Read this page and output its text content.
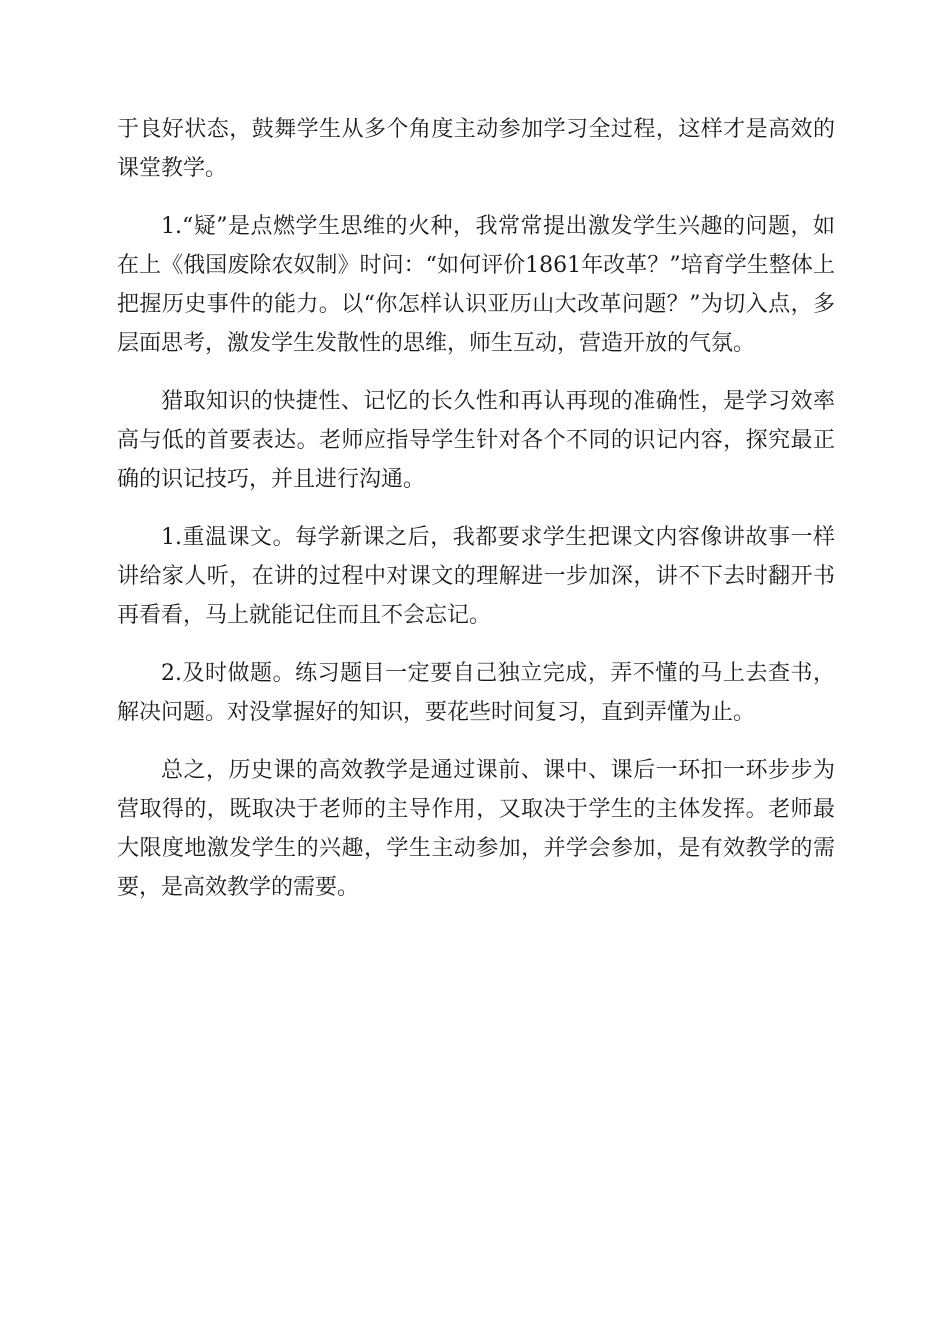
于良好状态，鼓舞学生从多个角度主动参加学习全过程，这样才是高效的课堂教学。

1.“疑”是点燃学生思维的火种，我常常提出激发学生兴趣的问题，如在上《俄国废除农奴制》时问：“如何评价1861年改革？”培育学生整体上把握历史事件的能力。以“你怎样认识亚历山大改革问题？”为切入点，多层面思考，激发学生发散性的思维，师生互动，营造开放的气氛。

猎取知识的快捷性、记忆的长久性和再认再现的准确性，是学习效率高与低的首要表达。老师应指导学生针对各个不同的识记内容，探究最正确的识记技巧，并且进行沟通。

1.重温课文。每学新课之后，我都要求学生把课文内容像讲故事一样讲给家人听，在讲的过程中对课文的理解进一步加深，讲不下去时翻开书再看看，马上就能记住而且不会忘记。

2.及时做题。练习题目一定要自己独立完成，弄不懂的马上去查书，解决问题。对没掌握好的知识，要花些时间复习，直到弄懂为止。

总之，历史课的高效教学是通过课前、课中、课后一环扣一环步步为营取得的，既取决于老师的主导作用，又取决于学生的主体发挥。老师最大限度地激发学生的兴趣，学生主动参加，并学会参加，是有效教学的需要，是高效教学的需要。
